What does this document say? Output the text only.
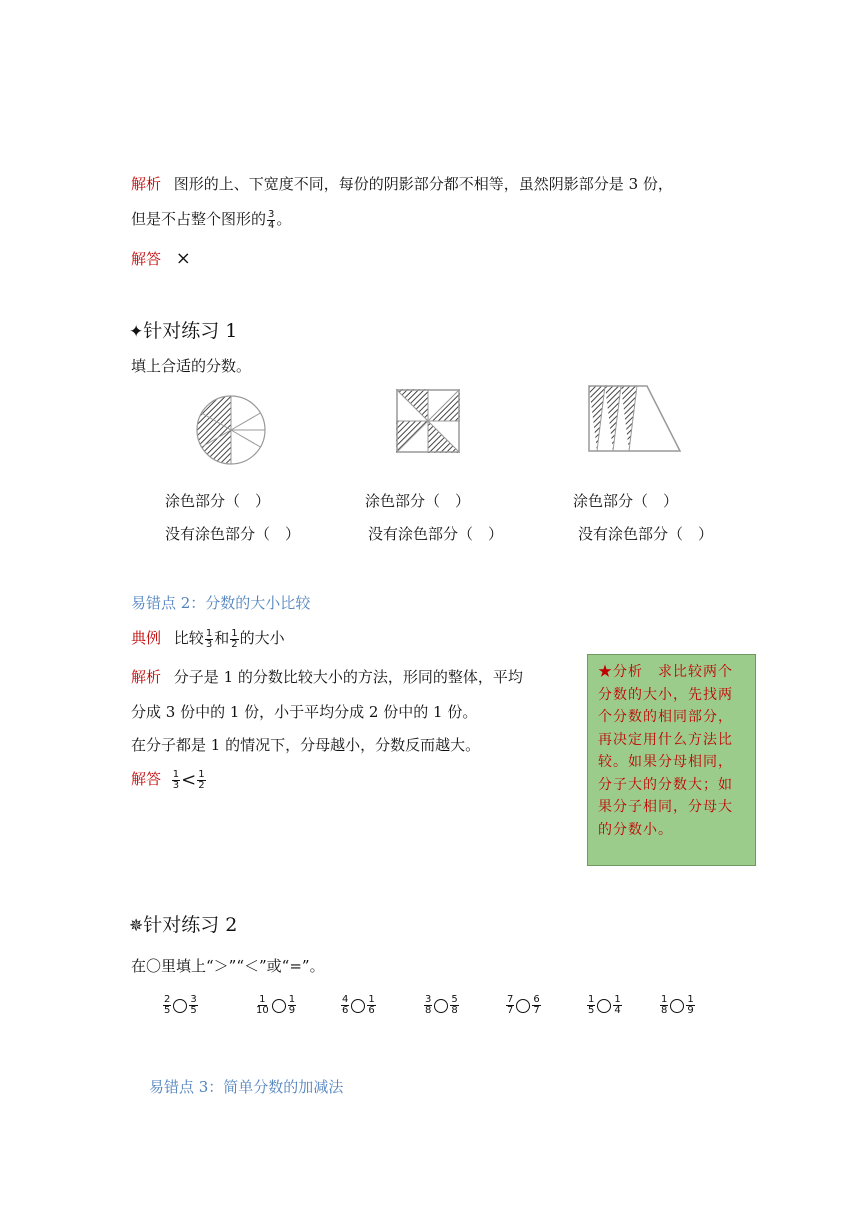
解析 图形的上、下宽度不同，每份的阴影部分都不相等，虽然阴影部分是 3 份，
但是不占整个图形的 $\frac{3}{4}$ 。
解答 ×
✦针对练习 1
填上合适的分数。
涂色部分（　）	涂色部分（　）	涂色部分（　）
没有涂色部分（　）	没有涂色部分（　）	没有涂色部分（　）
易错点 2：分数的大小比较
典例 比较 $\frac{1}{3}$ 和 $\frac{1}{2}$ 的大小
解析 分子是 1 的分数比较大小的方法，形同的整体，平均
分成 3 份中的 1 份，小于平均分成 2 份中的 1 份。
在分子都是 1 的情况下，分母越小，分数反而越大。
解答 $\frac{1}{3} < \frac{1}{2}$
★分析　求比较两个分数的大小，先找两个分数的相同部分，再决定用什么方法比较。如果分母相同，分子大的分数大；如果分子相同，分母大的分数小。
✵针对练习 2
在〇里填上“＞”“＜”或“=”。
$\frac{2}{5} \frac{3}{5}$	$\frac{1}{10} \frac{1}{9}$	$\frac{4}{6} \frac{1}{6}$	$\frac{3}{8} \frac{5}{8}$	$\frac{7}{7} \frac{6}{7}$	$\frac{1}{5} \frac{1}{4}$	$\frac{1}{8} \frac{1}{9}$
易错点 3：简单分数的加减法
